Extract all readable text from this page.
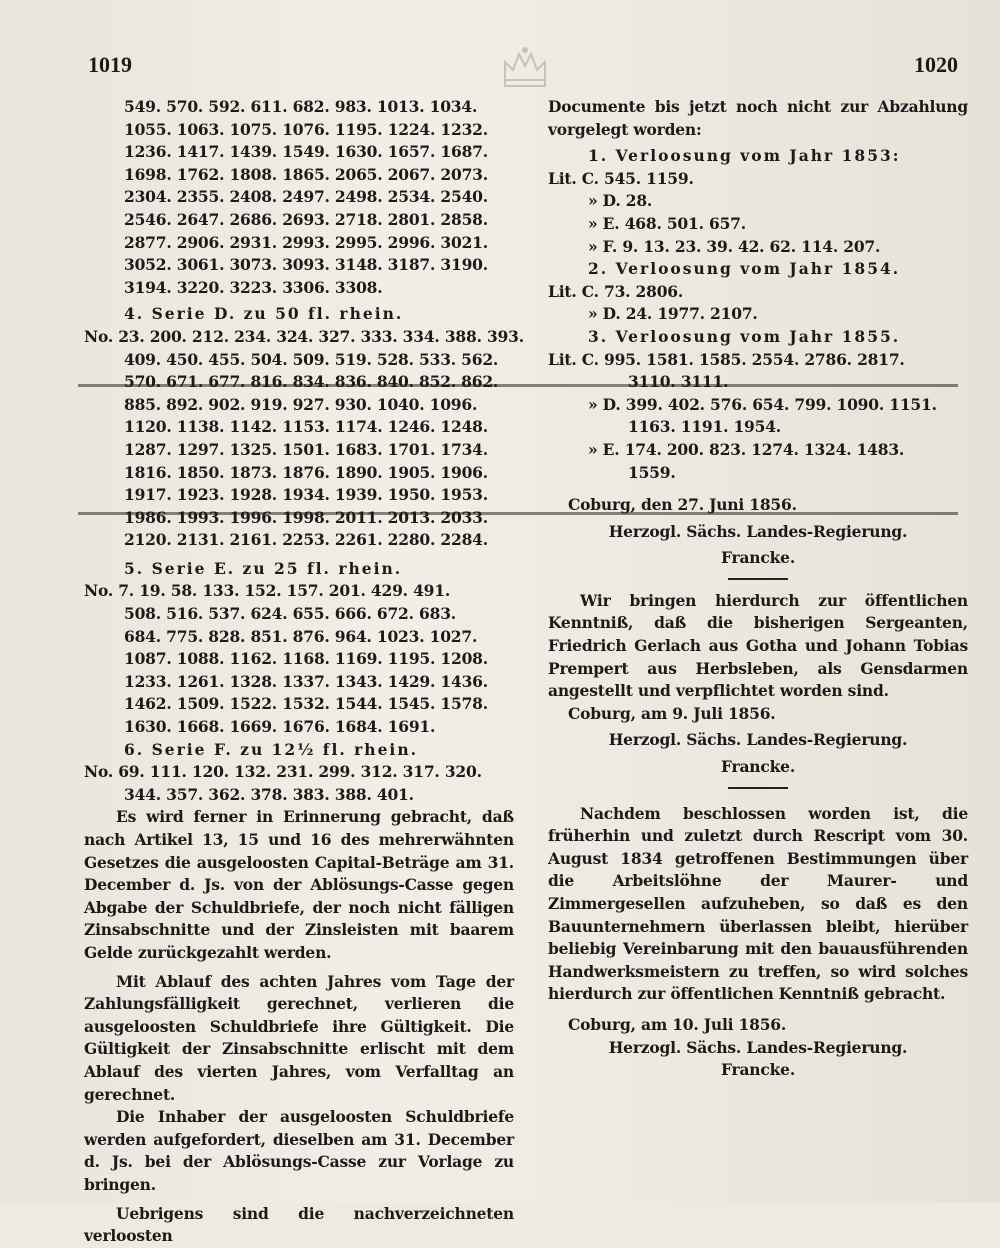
1019	1020
549. 570. 592. 611. 682. 983. 1013. 1034.
1055. 1063. 1075. 1076. 1195. 1224. 1232.
1236. 1417. 1439. 1549. 1630. 1657. 1687.
1698. 1762. 1808. 1865. 2065. 2067. 2073.
2304. 2355. 2408. 2497. 2498. 2534. 2540.
2546. 2647. 2686. 2693. 2718. 2801. 2858.
2877. 2906. 2931. 2993. 2995. 2996. 3021.
3052. 3061. 3073. 3093. 3148. 3187. 3190.
3194. 3220. 3223. 3306. 3308.
4. Serie D. zu 50 fl. rhein.
No. 23. 200. 212. 234. 324. 327. 333. 334. 388. 393.
409. 450. 455. 504. 509. 519. 528. 533. 562.
570. 671. 677. 816. 834. 836. 840. 852. 862.
885. 892. 902. 919. 927. 930. 1040. 1096.
1120. 1138. 1142. 1153. 1174. 1246. 1248.
1287. 1297. 1325. 1501. 1683. 1701. 1734.
1816. 1850. 1873. 1876. 1890. 1905. 1906.
1917. 1923. 1928. 1934. 1939. 1950. 1953.
1986. 1993. 1996. 1998. 2011. 2013. 2033.
2120. 2131. 2161. 2253. 2261. 2280. 2284.
5. Serie E. zu 25 fl. rhein.
No. 7. 19. 58. 133. 152. 157. 201. 429. 491.
508. 516. 537. 624. 655. 666. 672. 683.
684. 775. 828. 851. 876. 964. 1023. 1027.
1087. 1088. 1162. 1168. 1169. 1195. 1208.
1233. 1261. 1328. 1337. 1343. 1429. 1436.
1462. 1509. 1522. 1532. 1544. 1545. 1578.
1630. 1668. 1669. 1676. 1684. 1691.
6. Serie F. zu 12½ fl. rhein.
No. 69. 111. 120. 132. 231. 299. 312. 317. 320.
344. 357. 362. 378. 383. 388. 401.
Es wird ferner in Erinnerung gebracht, daß nach Artikel 13, 15 und 16 des mehrerwähnten Gesetzes die ausgeloosten Capital-Beträge am 31. December d. Js. von der Ablösungs-Casse gegen Abgabe der Schuldbriefe, der noch nicht fälligen Zinsabschnitte und der Zinsleisten mit baarem Gelde zurückgezahlt werden.
Mit Ablauf des achten Jahres vom Tage der Zahlungsfälligkeit gerechnet, verlieren die ausgeloosten Schuldbriefe ihre Gültigkeit. Die Gültigkeit der Zinsabschnitte erlischt mit dem Ablauf des vierten Jahres, vom Verfalltag an gerechnet.
Die Inhaber der ausgeloosten Schuldbriefe werden aufgefordert, dieselben am 31. December d. Js. bei der Ablösungs-Casse zur Vorlage zu bringen.
Uebrigens sind die nachverzeichneten verloosten
Documente bis jetzt noch nicht zur Abzahlung vorgelegt worden:
1. Verloosung vom Jahr 1853:
Lit. C. 545. 1159.
» D. 28.
» E. 468. 501. 657.
» F. 9. 13. 23. 39. 42. 62. 114. 207.
2. Verloosung vom Jahr 1854.
Lit. C. 73. 2806.
» D. 24. 1977. 2107.
3. Verloosung vom Jahr 1855.
Lit. C. 995. 1581. 1585. 2554. 2786. 2817.
3110. 3111.
» D. 399. 402. 576. 654. 799. 1090. 1151.
1163. 1191. 1954.
» E. 174. 200. 823. 1274. 1324. 1483.
1559.
Coburg, den 27. Juni 1856.
Herzogl. Sächs. Landes-Regierung.
Francke.
Wir bringen hierdurch zur öffentlichen Kenntniß, daß die bisherigen Sergeanten, Friedrich Gerlach aus Gotha und Johann Tobias Prempert aus Herbsleben, als Gensdarmen angestellt und verpflichtet worden sind.
Coburg, am 9. Juli 1856.
Herzogl. Sächs. Landes-Regierung.
Francke.
Nachdem beschlossen worden ist, die früherhin und zuletzt durch Rescript vom 30. August 1834 getroffenen Bestimmungen über die Arbeitslöhne der Maurer- und Zimmergesellen aufzuheben, so daß es den Bauunternehmern überlassen bleibt, hierüber beliebig Vereinbarung mit den bauausführenden Handwerksmeistern zu treffen, so wird solches hierdurch zur öffentlichen Kenntniß gebracht.
Coburg, am 10. Juli 1856.
Herzogl. Sächs. Landes-Regierung.
Francke.
